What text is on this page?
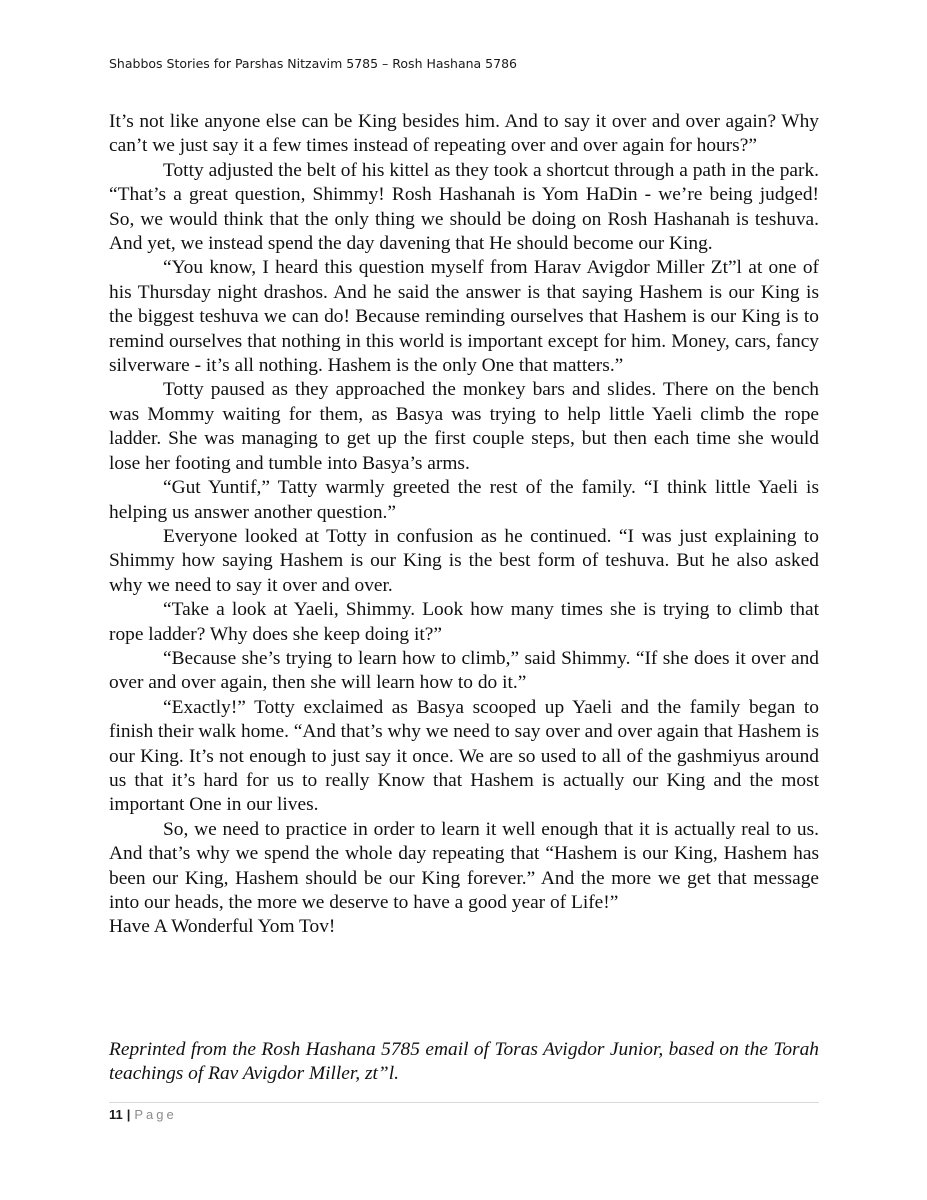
Shabbos Stories for Parshas Nitzavim 5785 – Rosh Hashana 5786

It’s not like anyone else can be King besides him. And to say it over and over again? Why can’t we just say it a few times instead of repeating over and over again for hours?”

Totty adjusted the belt of his kittel as they took a shortcut through a path in the park. “That’s a great question, Shimmy! Rosh Hashanah is Yom HaDin - we’re being judged! So, we would think that the only thing we should be doing on Rosh Hashanah is teshuva. And yet, we instead spend the day davening that He should become our King.

“You know, I heard this question myself from Harav Avigdor Miller Zt”l at one of his Thursday night drashos. And he said the answer is that saying Hashem is our King is the biggest teshuva we can do! Because reminding ourselves that Hashem is our King is to remind ourselves that nothing in this world is important except for him. Money, cars, fancy silverware - it’s all nothing. Hashem is the only One that matters.”

Totty paused as they approached the monkey bars and slides. There on the bench was Mommy waiting for them, as Basya was trying to help little Yaeli climb the rope ladder. She was managing to get up the first couple steps, but then each time she would lose her footing and tumble into Basya’s arms.

“Gut Yuntif,” Tatty warmly greeted the rest of the family. “I think little Yaeli is helping us answer another question.”

Everyone looked at Totty in confusion as he continued. “I was just explaining to Shimmy how saying Hashem is our King is the best form of teshuva. But he also asked why we need to say it over and over.

“Take a look at Yaeli, Shimmy. Look how many times she is trying to climb that rope ladder? Why does she keep doing it?”

“Because she’s trying to learn how to climb,” said Shimmy. “If she does it over and over and over again, then she will learn how to do it.”

“Exactly!” Totty exclaimed as Basya scooped up Yaeli and the family began to finish their walk home. “And that’s why we need to say over and over again that Hashem is our King. It’s not enough to just say it once. We are so used to all of the gashmiyus around us that it’s hard for us to really Know that Hashem is actually our King and the most important One in our lives.

So, we need to practice in order to learn it well enough that it is actually real to us. And that’s why we spend the whole day repeating that “Hashem is our King, Hashem has been our King, Hashem should be our King forever.” And the more we get that message into our heads, the more we deserve to have a good year of Life!”

Have A Wonderful Yom Tov!

Reprinted from the Rosh Hashana 5785 email of Toras Avigdor Junior, based on the Torah teachings of Rav Avigdor Miller, zt”l.
11 | Page
